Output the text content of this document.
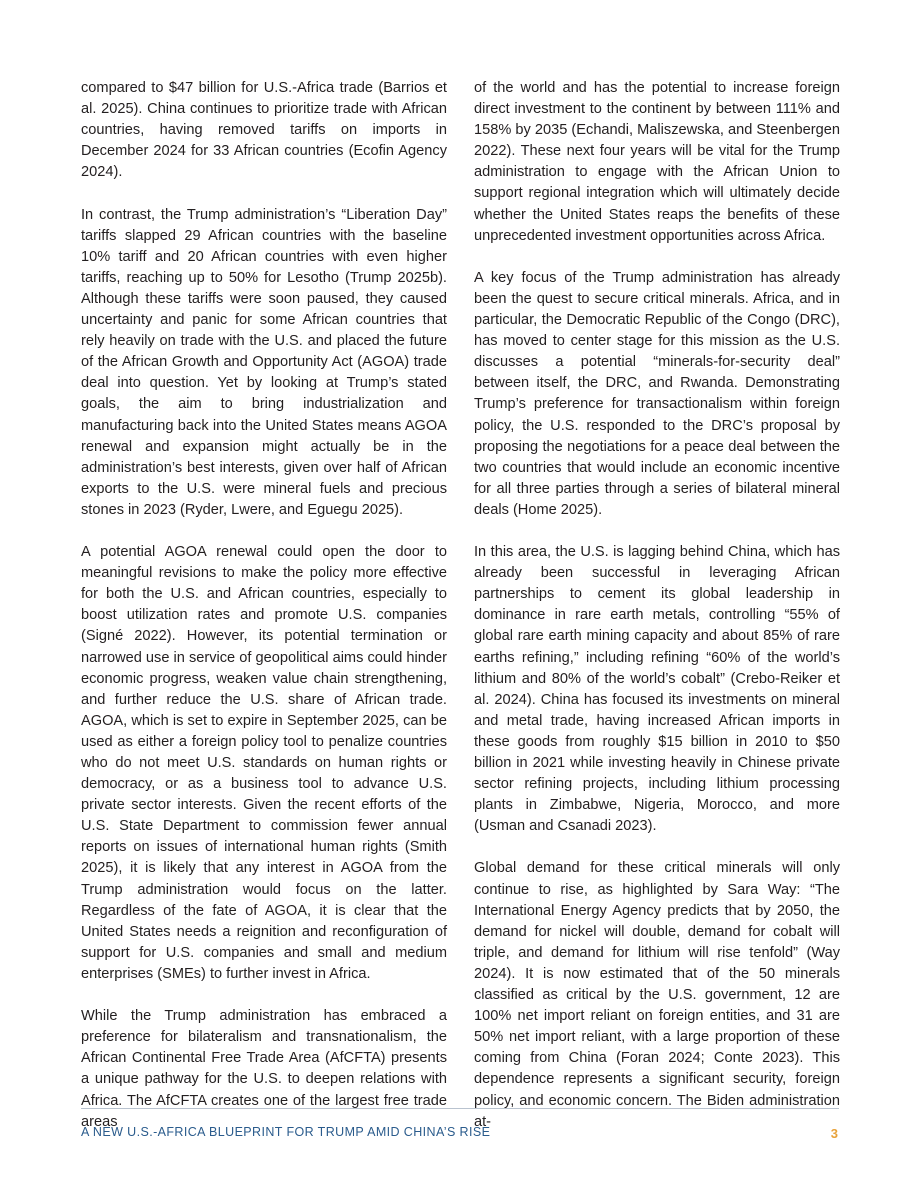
compared to $47 billion for U.S.-Africa trade (Barrios et al. 2025). China continues to prioritize trade with African countries, having removed tariffs on imports in December 2024 for 33 African countries (Ecofin Agency 2024).

In contrast, the Trump administration’s “Liberation Day” tariffs slapped 29 African countries with the baseline 10% tariff and 20 African countries with even higher tariffs, reaching up to 50% for Lesotho (Trump 2025b). Although these tariffs were soon paused, they caused uncertainty and panic for some African countries that rely heavily on trade with the U.S. and placed the future of the African Growth and Opportunity Act (AGOA) trade deal into question. Yet by looking at Trump’s stated goals, the aim to bring industrialization and manufacturing back into the United States means AGOA renewal and expansion might actually be in the administration’s best interests, given over half of African exports to the U.S. were mineral fuels and precious stones in 2023 (Ryder, Lwere, and Eguegu 2025).

A potential AGOA renewal could open the door to meaningful revisions to make the policy more effective for both the U.S. and African countries, especially to boost utilization rates and promote U.S. companies (Signé 2022). However, its potential termination or narrowed use in service of geopolitical aims could hinder economic progress, weaken value chain strengthening, and further reduce the U.S. share of African trade. AGOA, which is set to expire in September 2025, can be used as either a foreign policy tool to penalize countries who do not meet U.S. standards on human rights or democracy, or as a business tool to advance U.S. private sector interests. Given the recent efforts of the U.S. State Department to commission fewer annual reports on issues of international human rights (Smith 2025), it is likely that any interest in AGOA from the Trump administration would focus on the latter. Regardless of the fate of AGOA, it is clear that the United States needs a reignition and reconfiguration of support for U.S. companies and small and medium enterprises (SMEs) to further invest in Africa.

While the Trump administration has embraced a preference for bilateralism and transnationalism, the African Continental Free Trade Area (AfCFTA) presents a unique pathway for the U.S. to deepen relations with Africa. The AfCFTA creates one of the largest free trade areas

of the world and has the potential to increase foreign direct investment to the continent by between 111% and 158% by 2035 (Echandi, Maliszewska, and Steenbergen 2022). These next four years will be vital for the Trump administration to engage with the African Union to support regional integration which will ultimately decide whether the United States reaps the benefits of these unprecedented investment opportunities across Africa.

A key focus of the Trump administration has already been the quest to secure critical minerals. Africa, and in particular, the Democratic Republic of the Congo (DRC), has moved to center stage for this mission as the U.S. discusses a potential “minerals-for-security deal” between itself, the DRC, and Rwanda. Demonstrating Trump’s preference for transactionalism within foreign policy, the U.S. responded to the DRC’s proposal by proposing the negotiations for a peace deal between the two countries that would include an economic incentive for all three parties through a series of bilateral mineral deals (Home 2025).

In this area, the U.S. is lagging behind China, which has already been successful in leveraging African partnerships to cement its global leadership in dominance in rare earth metals, controlling “55% of global rare earth mining capacity and about 85% of rare earths refining,” including refining “60% of the world’s lithium and 80% of the world’s cobalt” (Crebo-Reiker et al. 2024). China has focused its investments on mineral and metal trade, having increased African imports in these goods from roughly $15 billion in 2010 to $50 billion in 2021 while investing heavily in Chinese private sector refining projects, including lithium processing plants in Zimbabwe, Nigeria, Morocco, and more (Usman and Csanadi 2023).

Global demand for these critical minerals will only continue to rise, as highlighted by Sara Way: “The International Energy Agency predicts that by 2050, the demand for nickel will double, demand for cobalt will triple, and demand for lithium will rise tenfold” (Way 2024). It is now estimated that of the 50 minerals classified as critical by the U.S. government, 12 are 100% net import reliant on foreign entities, and 31 are 50% net import reliant, with a large proportion of these coming from China (Foran 2024; Conte 2023). This dependence represents a significant security, foreign policy, and economic concern. The Biden administration at-

A NEW U.S.-AFRICA BLUEPRINT FOR TRUMP AMID CHINA’S RISE	3
